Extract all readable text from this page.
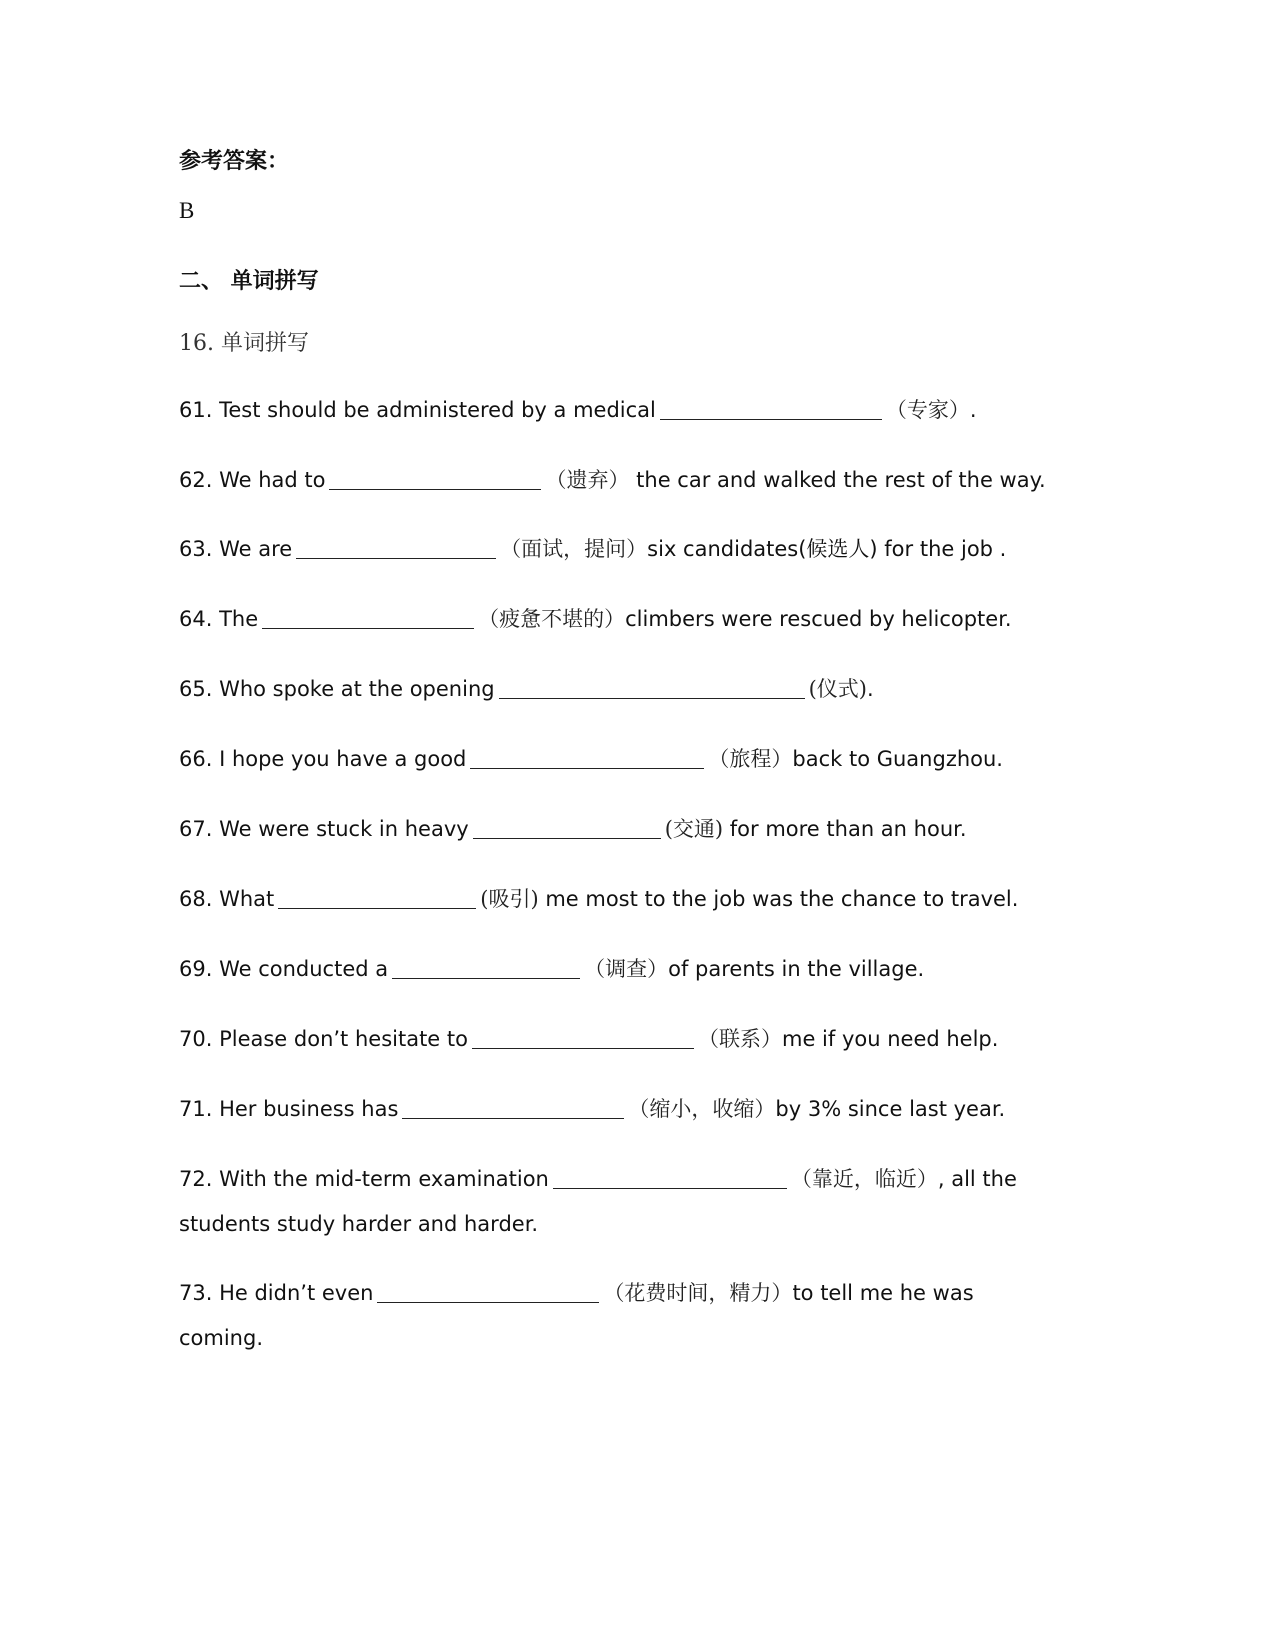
参考答案：
B
二、 单词拼写
16. 单词拼写
61. Test should be administered by a medical	（专家）.
62. We had to	（遗弃） the car and walked the rest of the way.
63. We are	（面试，提问）six candidates(候选人) for the job .
64. The	（疲惫不堪的）climbers were rescued by helicopter.
65. Who spoke at the opening	(仪式).
66. I hope you have a good	（旅程）back to Guangzhou.
67. We were stuck in heavy	(交通) for more than an hour.
68. What	(吸引) me most to the job was the chance to travel.
69. We conducted a	（调查）of parents in the village.
70. Please don’t hesitate to	（联系）me if you need help.
71. Her business has	（缩小，收缩）by 3% since last year.
72. With the mid-term examination	（靠近，临近）, all the
students study harder and harder.
73. He didn’t even	（花费时间，精力）to tell me he was
coming.
